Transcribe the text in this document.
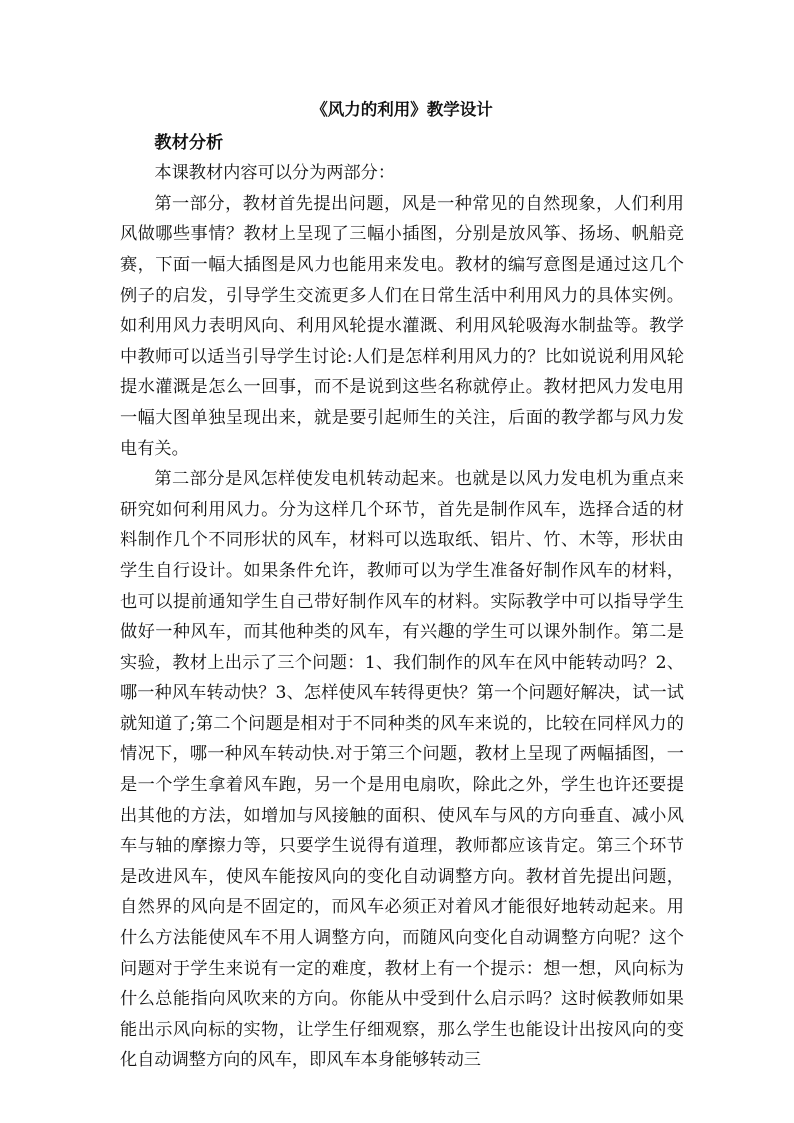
《风力的利用》教学设计

教材分析

本课教材内容可以分为两部分：

第一部分，教材首先提出问题，风是一种常见的自然现象，人们利用风做哪些事情？教材上呈现了三幅小插图，分别是放风筝、扬场、帆船竞赛，下面一幅大插图是风力也能用来发电。教材的编写意图是通过这几个例子的启发，引导学生交流更多人们在日常生活中利用风力的具体实例。如利用风力表明风向、利用风轮提水灌溉、利用风轮吸海水制盐等。教学中教师可以适当引导学生讨论:人们是怎样利用风力的？比如说说利用风轮提水灌溉是怎么一回事，而不是说到这些名称就停止。教材把风力发电用一幅大图单独呈现出来，就是要引起师生的关注，后面的教学都与风力发电有关。

第二部分是风怎样使发电机转动起来。也就是以风力发电机为重点来研究如何利用风力。分为这样几个环节，首先是制作风车，选择合适的材料制作几个不同形状的风车，材料可以选取纸、铝片、竹、木等，形状由学生自行设计。如果条件允许，教师可以为学生准备好制作风车的材料，也可以提前通知学生自己带好制作风车的材料。实际教学中可以指导学生做好一种风车，而其他种类的风车，有兴趣的学生可以课外制作。第二是实验，教材上出示了三个问题：1、我们制作的风车在风中能转动吗？2、哪一种风车转动快？3、怎样使风车转得更快？第一个问题好解决，试一试就知道了;第二个问题是相对于不同种类的风车来说的，比较在同样风力的情况下，哪一种风车转动快.对于第三个问题，教材上呈现了两幅插图，一是一个学生拿着风车跑，另一个是用电扇吹，除此之外，学生也许还要提出其他的方法，如增加与风接触的面积、使风车与风的方向垂直、减小风车与轴的摩擦力等，只要学生说得有道理，教师都应该肯定。第三个环节是改进风车，使风车能按风向的变化自动调整方向。教材首先提出问题，自然界的风向是不固定的，而风车必须正对着风才能很好地转动起来。用什么方法能使风车不用人调整方向，而随风向变化自动调整方向呢？这个问题对于学生来说有一定的难度，教材上有一个提示：想一想，风向标为什么总能指向风吹来的方向。你能从中受到什么启示吗？这时候教师如果能出示风向标的实物，让学生仔细观察，那么学生也能设计出按风向的变化自动调整方向的风车，即风车本身能够转动三
